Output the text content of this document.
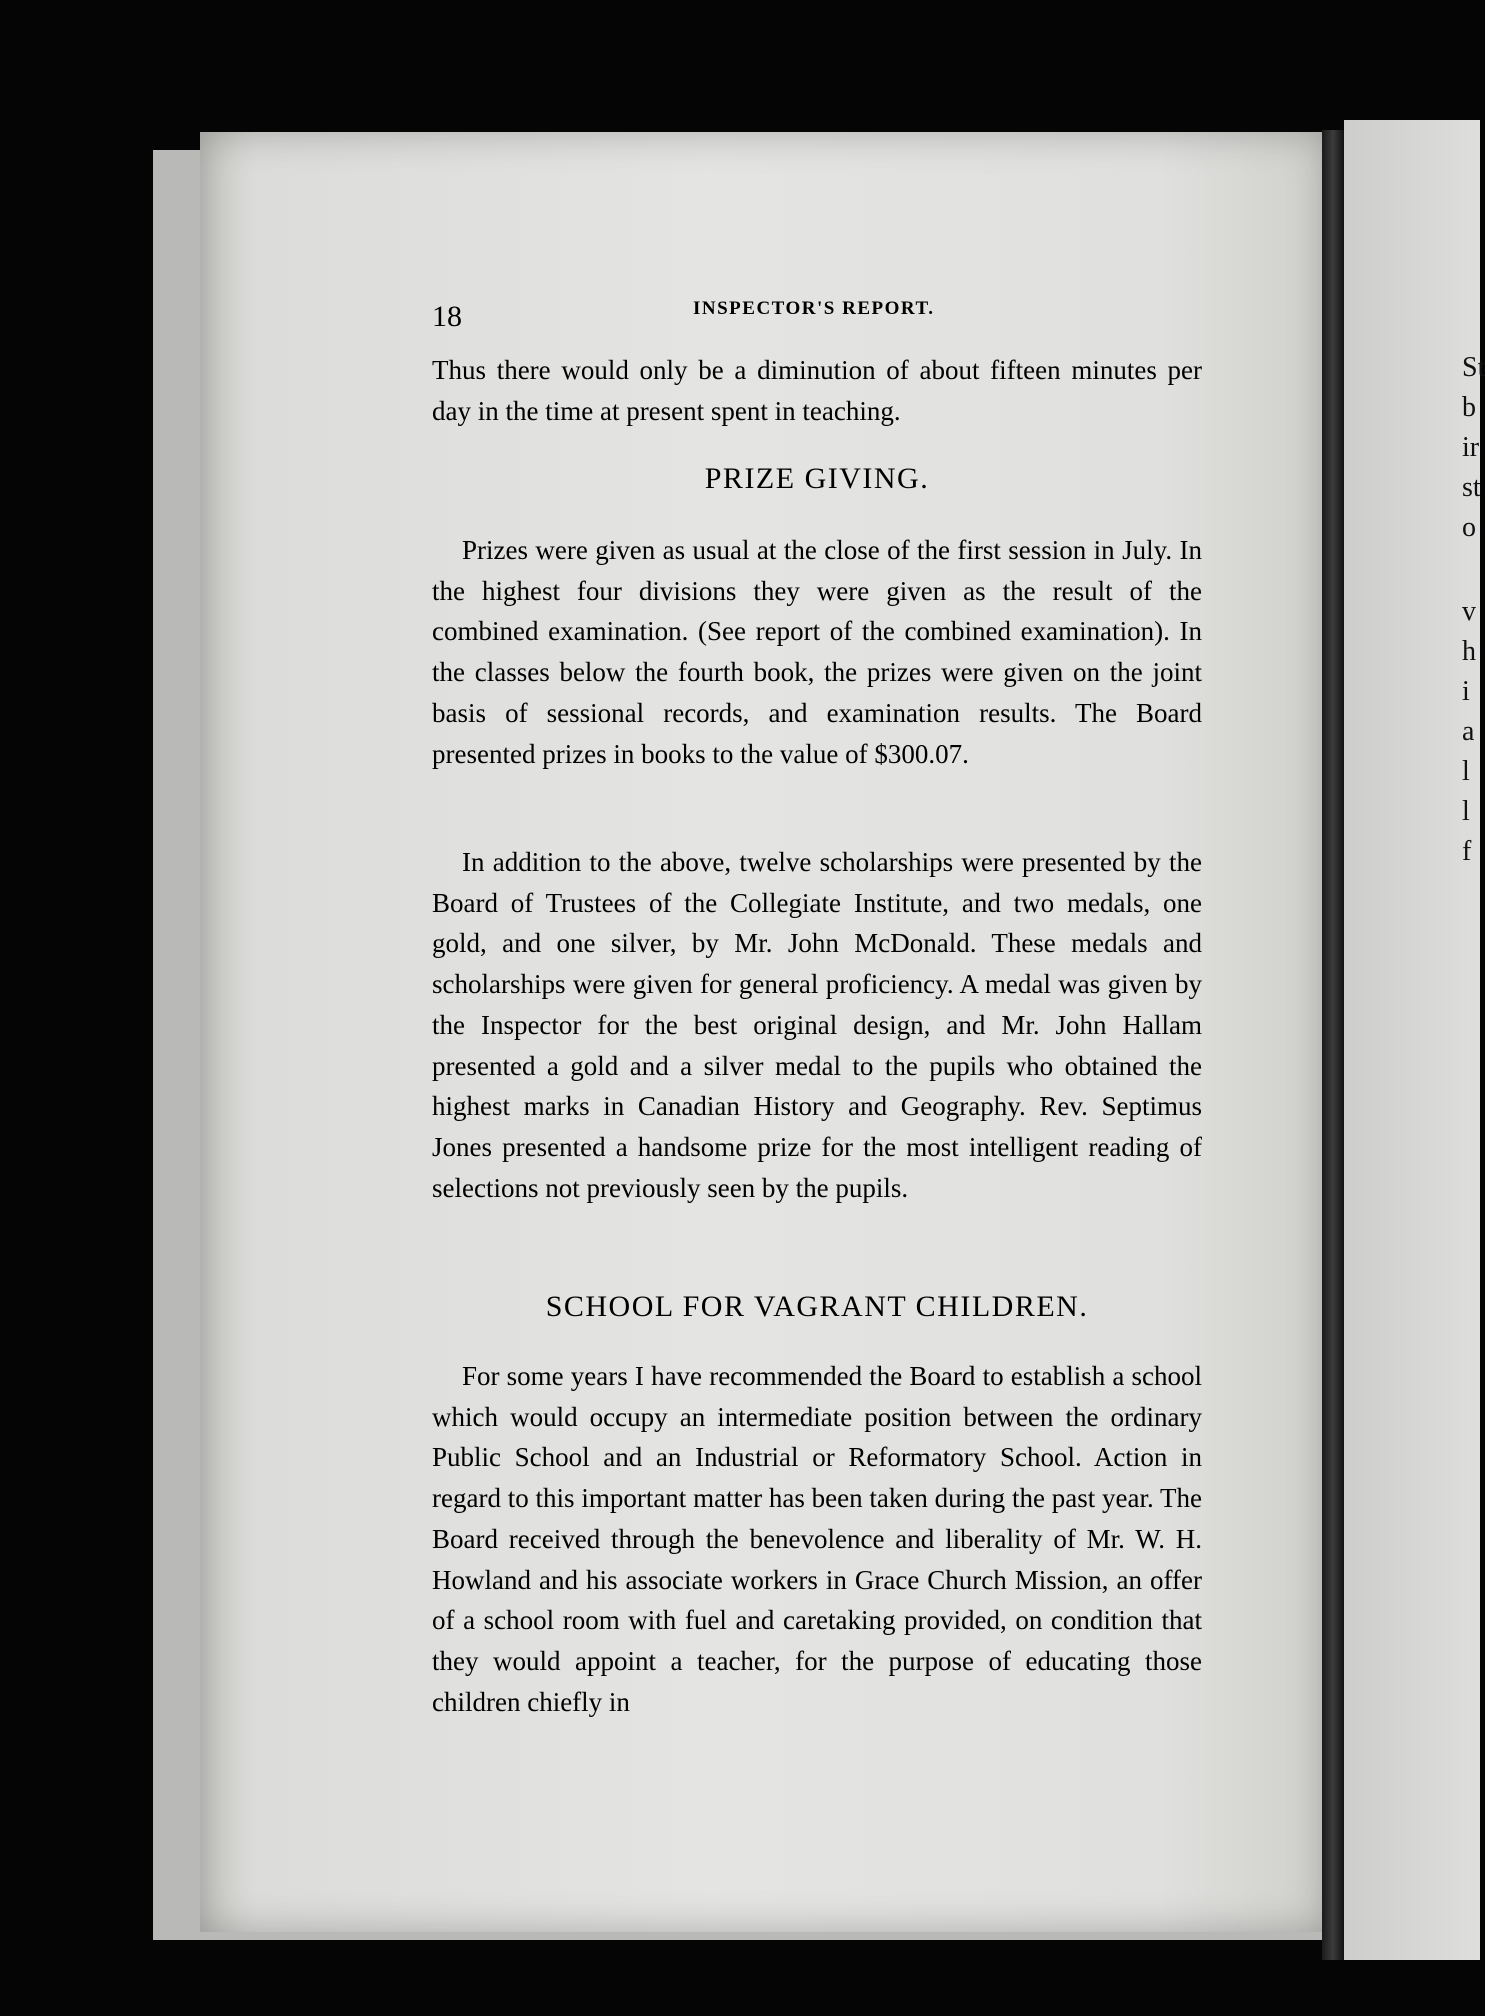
St
b
ir
st
o
v
h
i
a
l
l
f
18	INSPECTOR'S REPORT.

Thus there would only be a diminution of about fifteen minutes per day in the time at present spent in teaching.

PRIZE GIVING.

Prizes were given as usual at the close of the first session in July. In the highest four divisions they were given as the result of the combined examination. (See report of the combined examination). In the classes below the fourth book, the prizes were given on the joint basis of sessional records, and examination results. The Board presented prizes in books to the value of $300.07.

In addition to the above, twelve scholarships were presented by the Board of Trustees of the Collegiate Institute, and two medals, one gold, and one silver, by Mr. John McDonald. These medals and scholarships were given for general proficiency. A medal was given by the Inspector for the best original design, and Mr. John Hallam presented a gold and a silver medal to the pupils who obtained the highest marks in Canadian History and Geography. Rev. Septimus Jones presented a handsome prize for the most intelligent reading of selections not previously seen by the pupils.

SCHOOL FOR VAGRANT CHILDREN.

For some years I have recommended the Board to establish a school which would occupy an intermediate position between the ordinary Public School and an Industrial or Reformatory School. Action in regard to this important matter has been taken during the past year. The Board received through the benevolence and liberality of Mr. W. H. Howland and his associate workers in Grace Church Mission, an offer of a school room with fuel and caretaking provided, on condition that they would appoint a teacher, for the purpose of educating those children chiefly in
